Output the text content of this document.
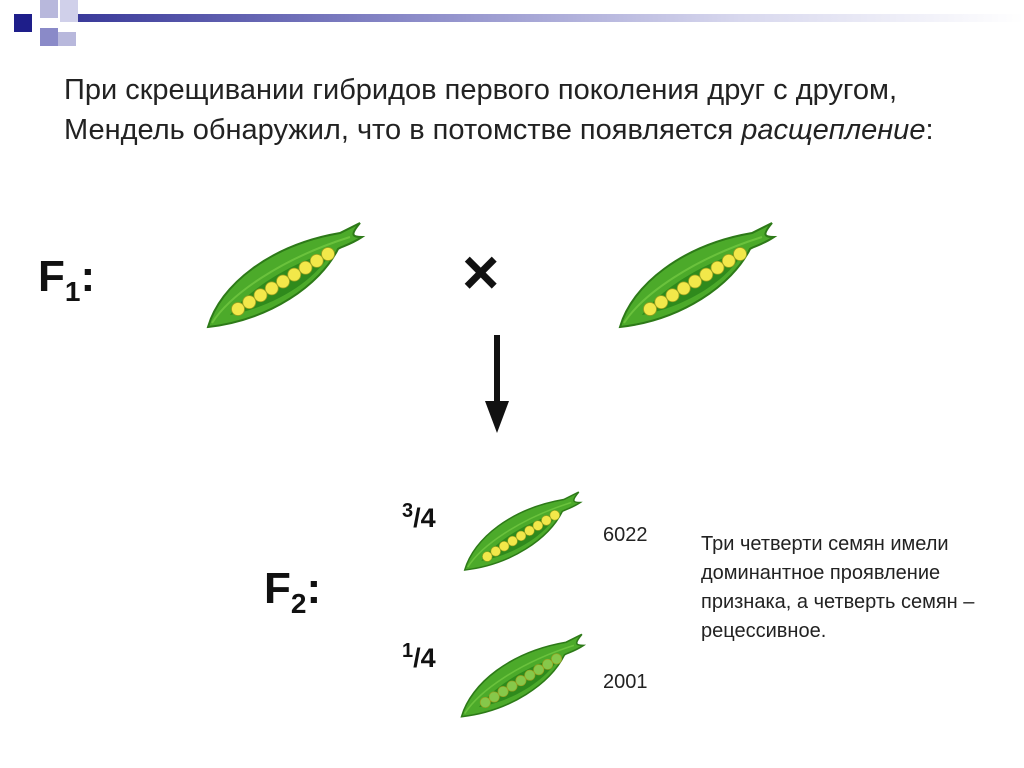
При скрещивании гибридов первого поколения друг с другом, Мендель обнаружил, что в потомстве появляется расщепление:
$F_1$:	×
$F_2$:
$^3$/4
$^1$/4
6022
2001
Три четверти семян имели доминантное проявление признака, а четверть семян – рецессивное.
